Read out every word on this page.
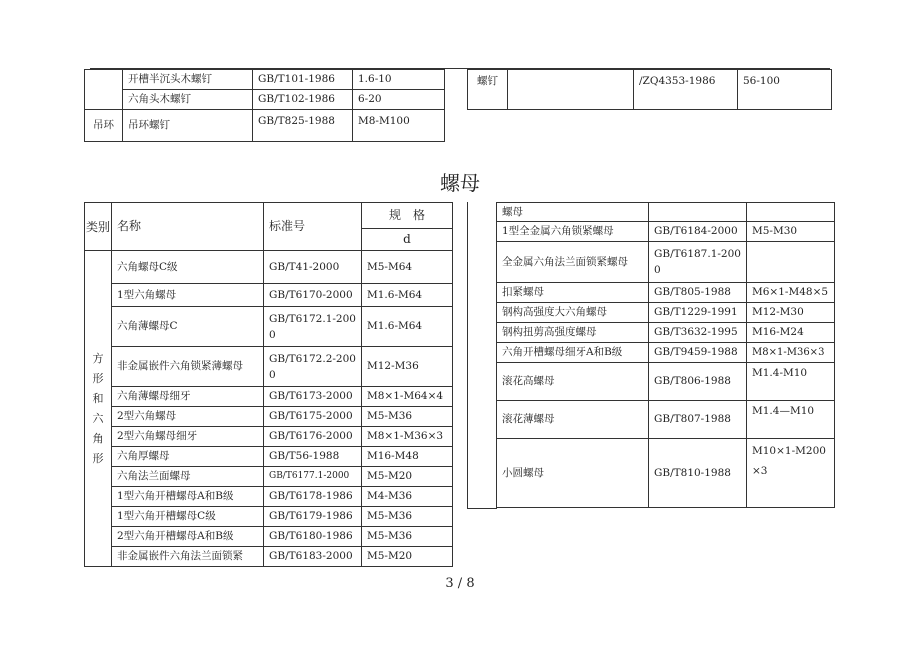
	开槽半沉头木螺钉	GB/T101-1986	1.6-10
	六角头木螺钉	GB/T102-1986	6-20
吊环	吊环螺钉	GB/T825-1988	M8-M100
螺钉		/ZQ4353-1986	56-100
螺母
类别	名称	标准号	规　格
			d

方形和六角形	六角螺母C级	GB/T41-2000	M5-M64
	1型六角螺母	GB/T6170-2000	M1.6-M64
	六角薄螺母C	GB/T6172.1-2000	M1.6-M64
	非金属嵌件六角锁紧薄螺母	GB/T6172.2-2000	M12-M36
	六角薄螺母细牙	GB/T6173-2000	M8×1-M64×4
	2型六角螺母	GB/T6175-2000	M5-M36
	2型六角螺母细牙	GB/T6176-2000	M8×1-M36×3
	六角厚螺母	GB/T56-1988	M16-M48
	六角法兰面螺母	GB/T6177.1-2000	M5-M20
	1型六角开槽螺母A和B级	GB/T6178-1986	M4-M36
	1型六角开槽螺母C级	GB/T6179-1986	M5-M36
	2型六角开槽螺母A和B级	GB/T6180-1986	M5-M36
	非金属嵌件六角法兰面锁紧	GB/T6183-2000	M5-M20
螺母		
1型全金属六角锁紧螺母	GB/T6184-2000	M5-M30
全金属六角法兰面锁紧螺母	GB/T6187.1-2000	
扣紧螺母	GB/T805-1988	M6×1-M48×5
钢构高强度大六角螺母	GB/T1229-1991	M12-M30
钢构扭剪高强度螺母	GB/T3632-1995	M16-M24
六角开槽螺母细牙A和B级	GB/T9459-1988	M8×1-M36×3
滚花高螺母	GB/T806-1988	M1.4-M10
滚花薄螺母	GB/T807-1988	M1.4—M10
小圆螺母	GB/T810-1988	M10×1-M200×3
3 / 8
